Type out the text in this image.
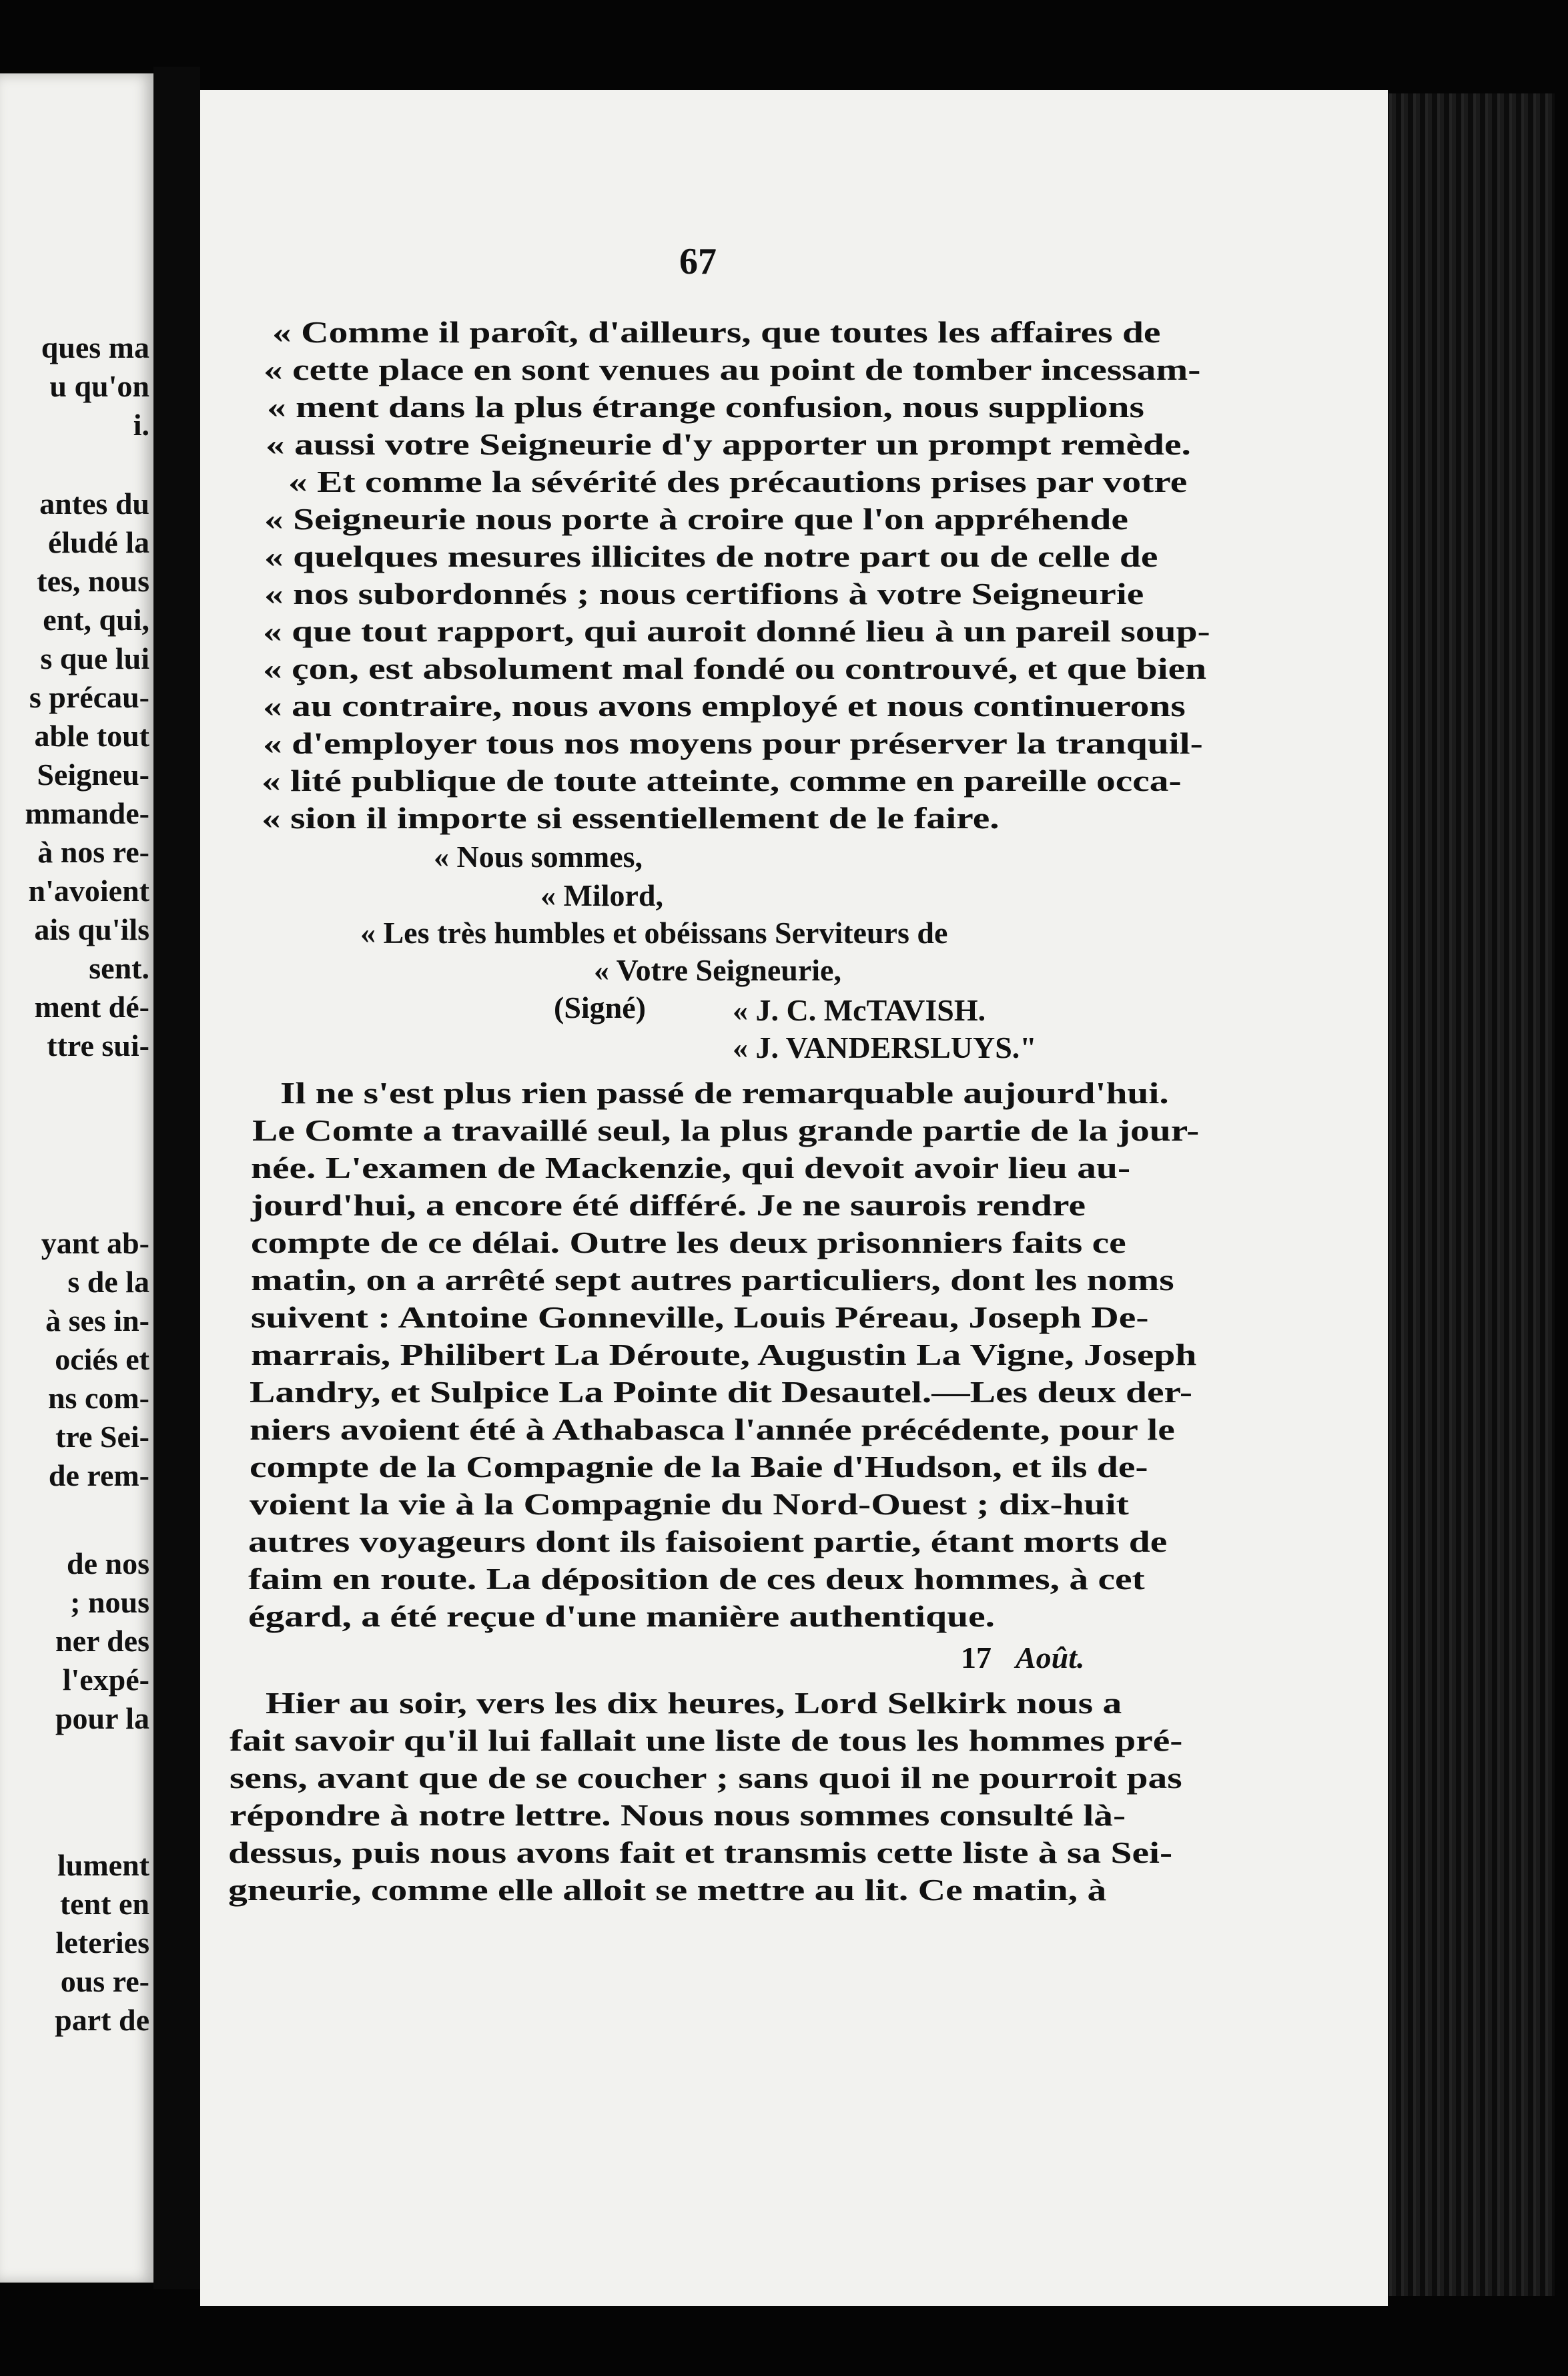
ques ma
u qu'on
i.
antes du
éludé la
tes, nous
ent, qui,
s que lui
s précau-
able tout
Seigneu-
mmande-
à nos re-
n'avoient
ais qu'ils
sent.
ment dé-
ttre sui-
yant ab-
s de la
à ses in-
ociés et
ns com-
tre Sei-
de rem-
de nos
; nous
ner des
l'expé-
pour la
lument
tent en
leteries
ous re-
part de
67
« Comme il paroît, d'ailleurs, que toutes les affaires de
« cette place en sont venues au point de tomber incessam-
« ment dans la plus étrange confusion, nous supplions
« aussi votre Seigneurie d'y apporter un prompt remède.
« Et comme la sévérité des précautions prises par votre
« Seigneurie nous porte à croire que l'on appréhende
« quelques mesures illicites de notre part ou de celle de
« nos subordonnés ; nous certifions à votre Seigneurie
« que tout rapport, qui auroit donné lieu à un pareil soup-
« çon, est absolument mal fondé ou controuvé, et que bien
« au contraire, nous avons employé et nous continuerons
« d'employer tous nos moyens pour préserver la tranquil-
« lité publique de toute atteinte, comme en pareille occa-
« sion il importe si essentiellement de le faire.
« Nous sommes,
« Milord,
« Les très humbles et obéissans Serviteurs de
« Votre Seigneurie,
(Signé)	« J. C. McTAVISH.
« J. VANDERSLUYS."
Il ne s'est plus rien passé de remarquable aujourd'hui.
Le Comte a travaillé seul, la plus grande partie de la jour-
née. L'examen de Mackenzie, qui devoit avoir lieu au-
jourd'hui, a encore été différé. Je ne saurois rendre
compte de ce délai. Outre les deux prisonniers faits ce
matin, on a arrêté sept autres particuliers, dont les noms
suivent : Antoine Gonneville, Louis Péreau, Joseph De-
marrais, Philibert La Déroute, Augustin La Vigne, Joseph
Landry, et Sulpice La Pointe dit Desautel.—Les deux der-
niers avoient été à Athabasca l'année précédente, pour le
compte de la Compagnie de la Baie d'Hudson, et ils de-
voient la vie à la Compagnie du Nord-Ouest ; dix-huit
autres voyageurs dont ils faisoient partie, étant morts de
faim en route. La déposition de ces deux hommes, à cet
égard, a été reçue d'une manière authentique.
17 Août.
Hier au soir, vers les dix heures, Lord Selkirk nous a
fait savoir qu'il lui fallait une liste de tous les hommes pré-
sens, avant que de se coucher ; sans quoi il ne pourroit pas
répondre à notre lettre. Nous nous sommes consulté là-
dessus, puis nous avons fait et transmis cette liste à sa Sei-
gneurie, comme elle alloit se mettre au lit. Ce matin, à
